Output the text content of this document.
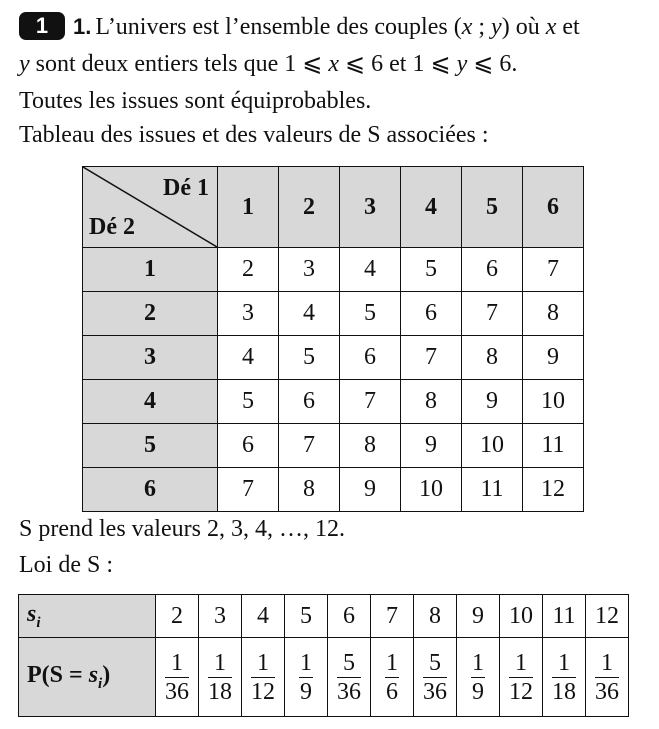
1 1. L’univers est l’ensemble des couples (x ; y) où x et
y sont deux entiers tels que 1 ⩽ x ⩽ 6 et 1 ⩽ y ⩽ 6.
Toutes les issues sont équiprobables.
Tableau des issues et des valeurs de S associées :
Dé 1
Dé 2	1	2	3	4	5	6
1	2	3	4	5	6	7
2	3	4	5	6	7	8
3	4	5	6	7	8	9
4	5	6	7	8	9	10
5	6	7	8	9	10	11
6	7	8	9	10	11	12
S prend les valeurs 2, 3, 4, …, 12.
Loi de S :
$s_i$	2	3	4	5	6	7	8	9	10	11	12
$P(S = s_i)$	$\frac{1}{36}$	$\frac{1}{18}$	$\frac{1}{12}$	$\frac{1}{9}$	$\frac{5}{36}$	$\frac{1}{6}$	$\frac{5}{36}$	$\frac{1}{9}$	$\frac{1}{12}$	$\frac{1}{18}$	$\frac{1}{36}$
